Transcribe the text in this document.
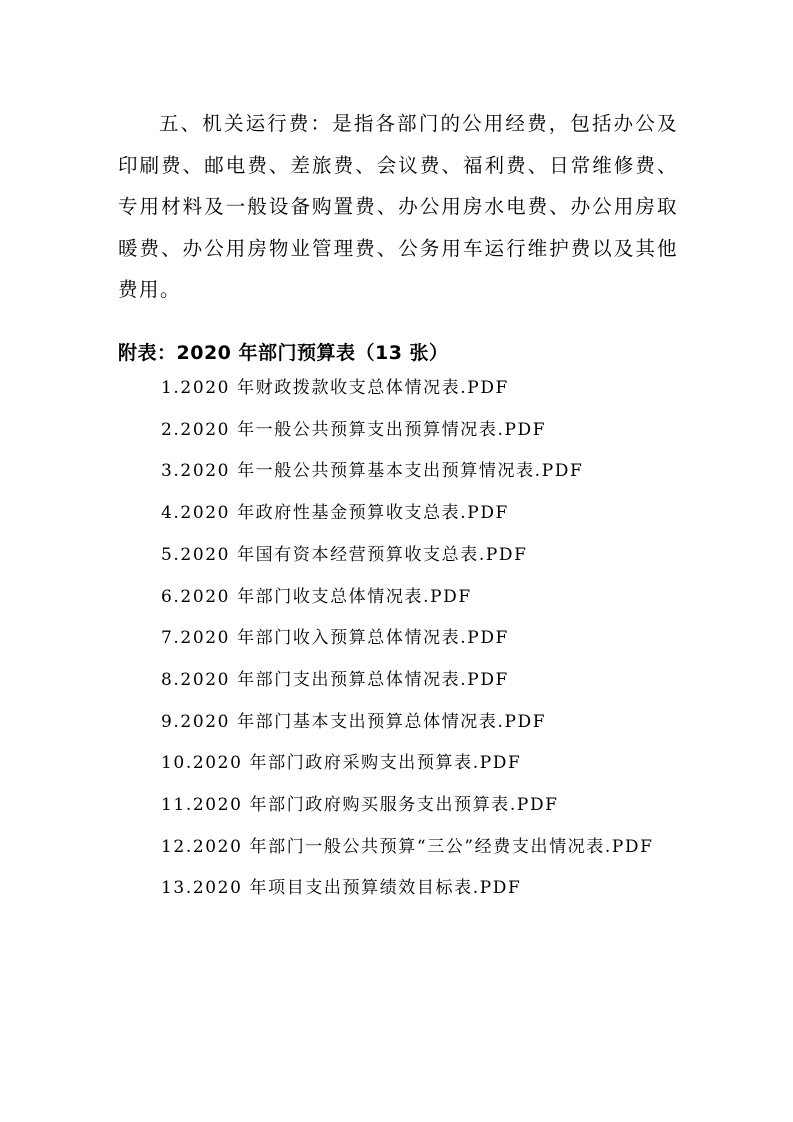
五、机关运行费：是指各部门的公用经费，包括办公及印刷费、邮电费、差旅费、会议费、福利费、日常维修费、专用材料及一般设备购置费、办公用房水电费、办公用房取暖费、办公用房物业管理费、公务用车运行维护费以及其他费用。

附表：2020 年部门预算表（13 张）
1.2020 年财政拨款收支总体情况表.PDF
2.2020 年一般公共预算支出预算情况表.PDF
3.2020 年一般公共预算基本支出预算情况表.PDF
4.2020 年政府性基金预算收支总表.PDF
5.2020 年国有资本经营预算收支总表.PDF
6.2020 年部门收支总体情况表.PDF
7.2020 年部门收入预算总体情况表.PDF
8.2020 年部门支出预算总体情况表.PDF
9.2020 年部门基本支出预算总体情况表.PDF
10.2020 年部门政府采购支出预算表.PDF
11.2020 年部门政府购买服务支出预算表.PDF
12.2020 年部门一般公共预算“三公”经费支出情况表.PDF
13.2020 年项目支出预算绩效目标表.PDF
